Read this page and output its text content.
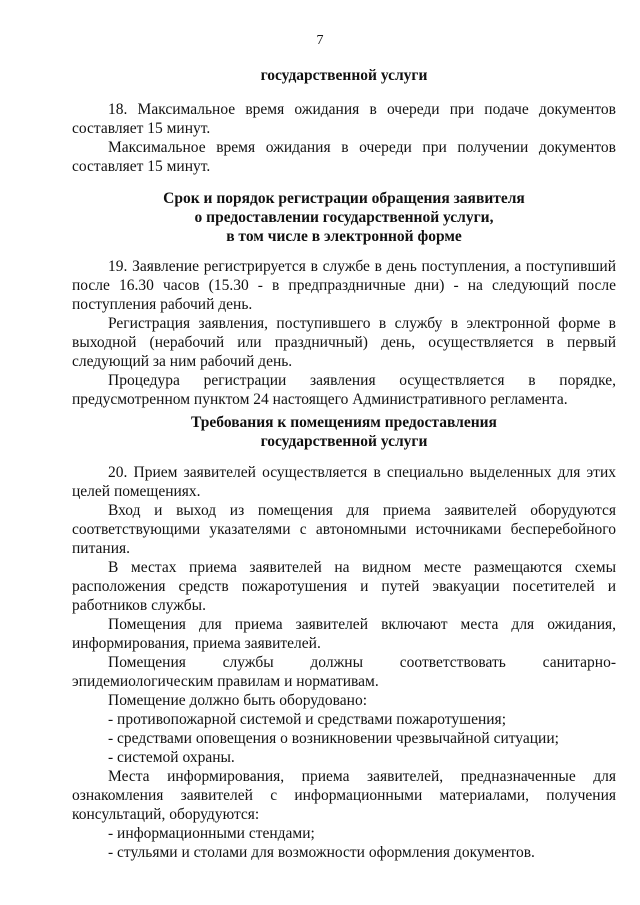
7
государственной услуги

18. Максимальное время ожидания в очереди при подаче документов составляет 15 минут.

Максимальное время ожидания в очереди при получении документов составляет 15 минут.

Срок и порядок регистрации обращения заявителя
о предоставлении государственной услуги,
в том числе в электронной форме

19. Заявление регистрируется в службе в день поступления, а поступивший после 16.30 часов (15.30 - в предпраздничные дни) - на следующий после поступления рабочий день.

Регистрация заявления, поступившего в службу в электронной форме в выходной (нерабочий или праздничный) день, осуществляется в первый следующий за ним рабочий день.

Процедура регистрации заявления осуществляется в порядке, предусмотренном пунктом 24 настоящего Административного регламента.

Требования к помещениям предоставления
государственной услуги

20. Прием заявителей осуществляется в специально выделенных для этих целей помещениях.

Вход и выход из помещения для приема заявителей оборудуются соответствующими указателями с автономными источниками бесперебойного питания.

В местах приема заявителей на видном месте размещаются схемы расположения средств пожаротушения и путей эвакуации посетителей и работников службы.

Помещения для приема заявителей включают места для ожидания, информирования, приема заявителей.

Помещения службы должны соответствовать санитарно-эпидемиологическим правилам и нормативам.

Помещение должно быть оборудовано:

- противопожарной системой и средствами пожаротушения;

- средствами оповещения о возникновении чрезвычайной ситуации;

- системой охраны.

Места информирования, приема заявителей, предназначенные для ознакомления заявителей с информационными материалами, получения консультаций, оборудуются:

- информационными стендами;

- стульями и столами для возможности оформления документов.
